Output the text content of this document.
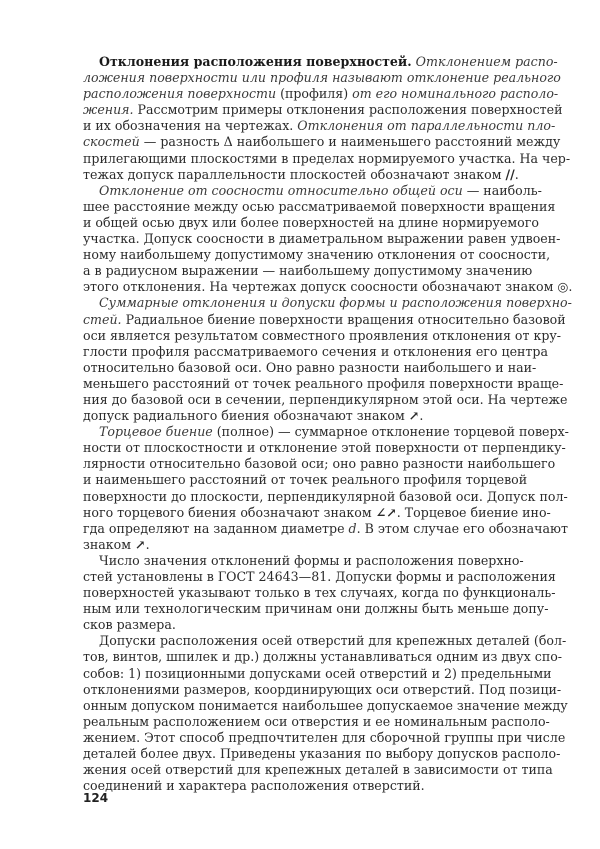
Отклонения расположения поверхностей. Отклонением распо-
ложения поверхности или профиля называют отклонение реального
расположения поверхности (профиля) от его номинального располо-
жения. Рассмотрим примеры отклонения расположения поверхностей
и их обозначения на чертежах. Отклонения от параллельности пло-
скостей — разность Δ наибольшего и наименьшего расстояний между
прилегающими плоскостями в пределах нормируемого участка. На чер-
тежах допуск параллельности плоскостей обозначают знаком //.
Отклонение от соосности относительно общей оси — наиболь-
шее расстояние между осью рассматриваемой поверхности вращения
и общей осью двух или более поверхностей на длине нормируемого
участка. Допуск соосности в диаметральном выражении равен удвоен-
ному наибольшему допустимому значению отклонения от соосности,
а в радиусном выражении — наибольшему допустимому значению
этого отклонения. На чертежах допуск соосности обозначают знаком ◎.
Суммарные отклонения и допуски формы и расположения поверхно-
стей. Радиальное биение поверхности вращения относительно базовой
оси является результатом совместного проявления отклонения от кру-
глости профиля рассматриваемого сечения и отклонения его центра
относительно базовой оси. Оно равно разности наибольшего и наи-
меньшего расстояний от точек реального профиля поверхности враще-
ния до базовой оси в сечении, перпендикулярном этой оси. На чертеже
допуск радиального биения обозначают знаком ↗.
Торцевое биение (полное) — суммарное отклонение торцевой поверх-
ности от плоскостности и отклонение этой поверхности от перпендику-
лярности относительно базовой оси; оно равно разности наибольшего
и наименьшего расстояний от точек реального профиля торцевой
поверхности до плоскости, перпендикулярной базовой оси. Допуск пол-
ного торцевого биения обозначают знаком ∠↗. Торцевое биение ино-
гда определяют на заданном диаметре d. В этом случае его обозначают
знаком ↗.
Число значения отклонений формы и расположения поверхно-
стей установлены в ГОСТ 24643—81. Допуски формы и расположения
поверхностей указывают только в тех случаях, когда по функциональ-
ным или технологическим причинам они должны быть меньше допу-
сков размера.
Допуски расположения осей отверстий для крепежных деталей (бол-
тов, винтов, шпилек и др.) должны устанавливаться одним из двух спо-
собов: 1) позиционными допусками осей отверстий и 2) предельными
отклонениями размеров, координирующих оси отверстий. Под позици-
онным допуском понимается наибольшее допускаемое значение между
реальным расположением оси отверстия и ее номинальным располо-
жением. Этот способ предпочтителен для сборочной группы при числе
деталей более двух. Приведены указания по выбору допусков располо-
жения осей отверстий для крепежных деталей в зависимости от типа
соединений и характера расположения отверстий.
124
